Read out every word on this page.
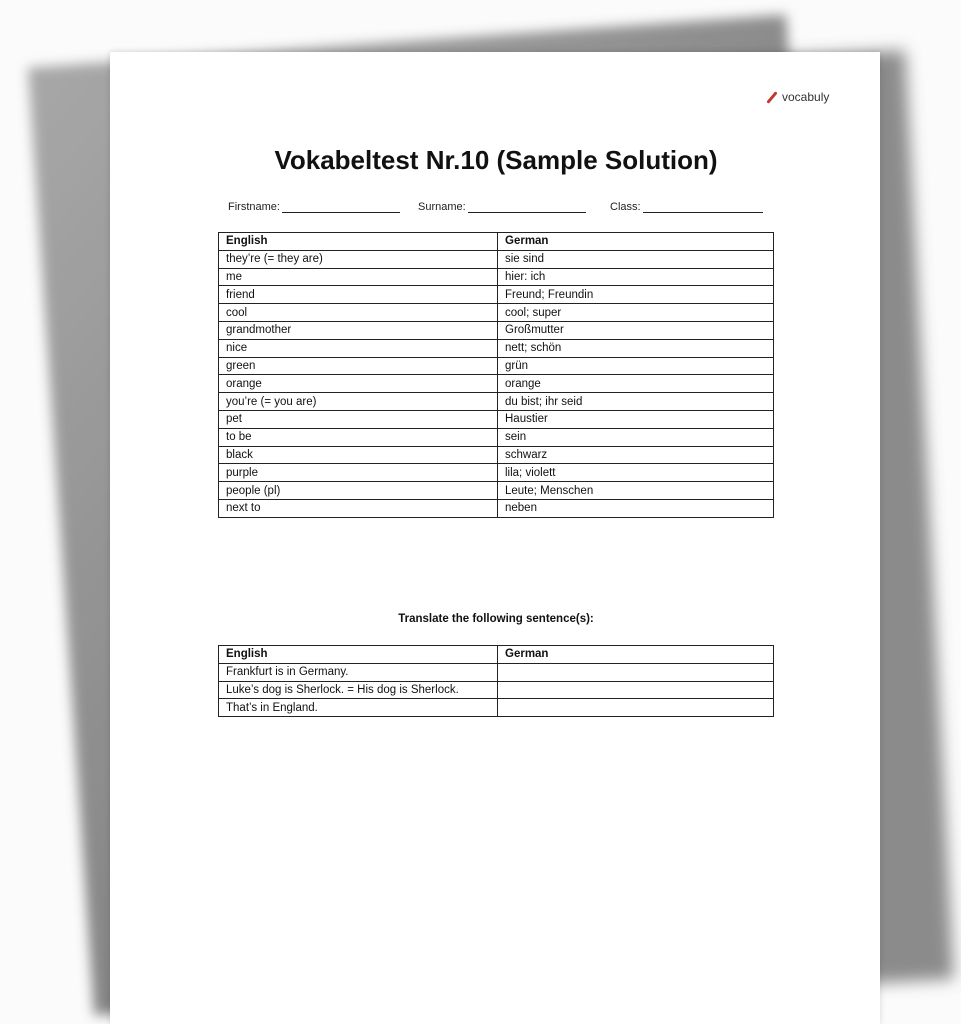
vocabuly
Vokabeltest Nr.10 (Sample Solution)
Firstname:	Surname:	Class:
English	German
they’re (= they are)	sie sind
me	hier: ich
friend	Freund; Freundin
cool	cool; super
grandmother	Großmutter
nice	nett; schön
green	grün
orange	orange
you’re (= you are)	du bist; ihr seid
pet	Haustier
to be	sein
black	schwarz
purple	lila; violett
people (pl)	Leute; Menschen
next to	neben
Translate the following sentence(s):
English	German
Frankfurt is in Germany.	
Luke’s dog is Sherlock. = His dog is Sherlock.	
That’s in England.	
